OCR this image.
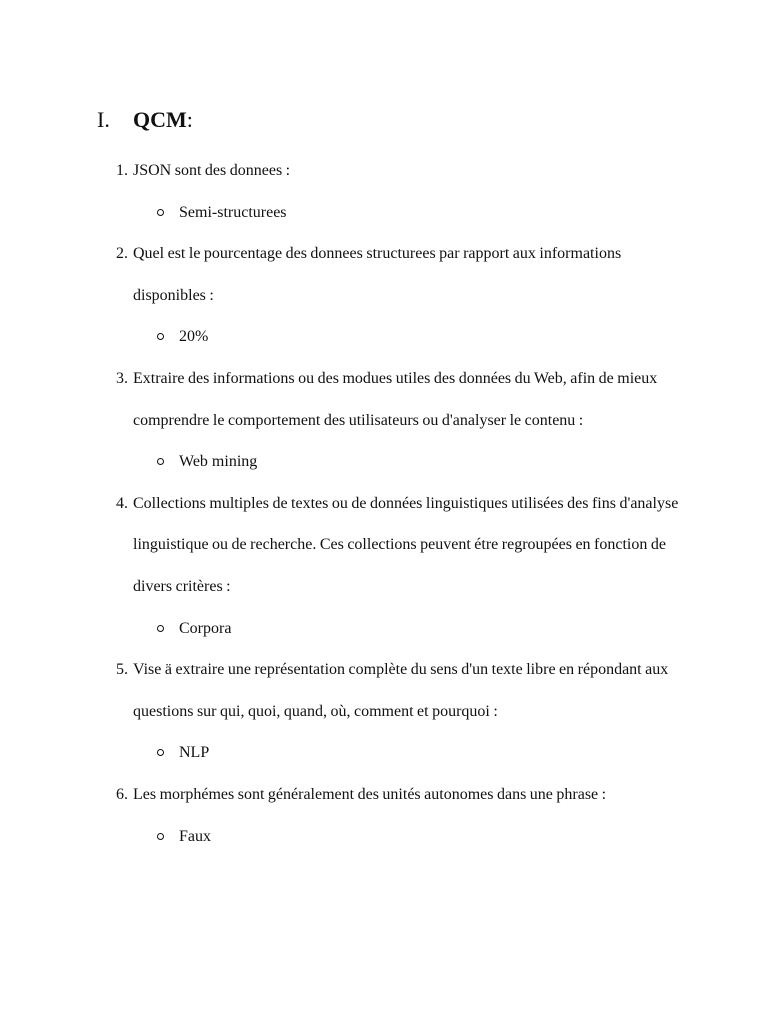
I. QCM:
1. JSON sont des donnees :
Semi-structurees
2. Quel est le pourcentage des donnees structurees par rapport aux informations disponibles :
20%
3. Extraire des informations ou des modues utiles des données du Web, afin de mieux comprendre le comportement des utilisateurs ou d'analyser le contenu :
Web mining
4. Collections multiples de textes ou de données linguistiques utilisées des fins d'analyse linguistique ou de recherche. Ces collections peuvent étre regroupées en fonction de divers critères :
Corpora
5. Vise ä extraire une représentation complète du sens d'un texte libre en répondant aux questions sur qui, quoi, quand, où, comment et pourquoi :
NLP
6. Les morphémes sont généralement des unités autonomes dans une phrase :
Faux
